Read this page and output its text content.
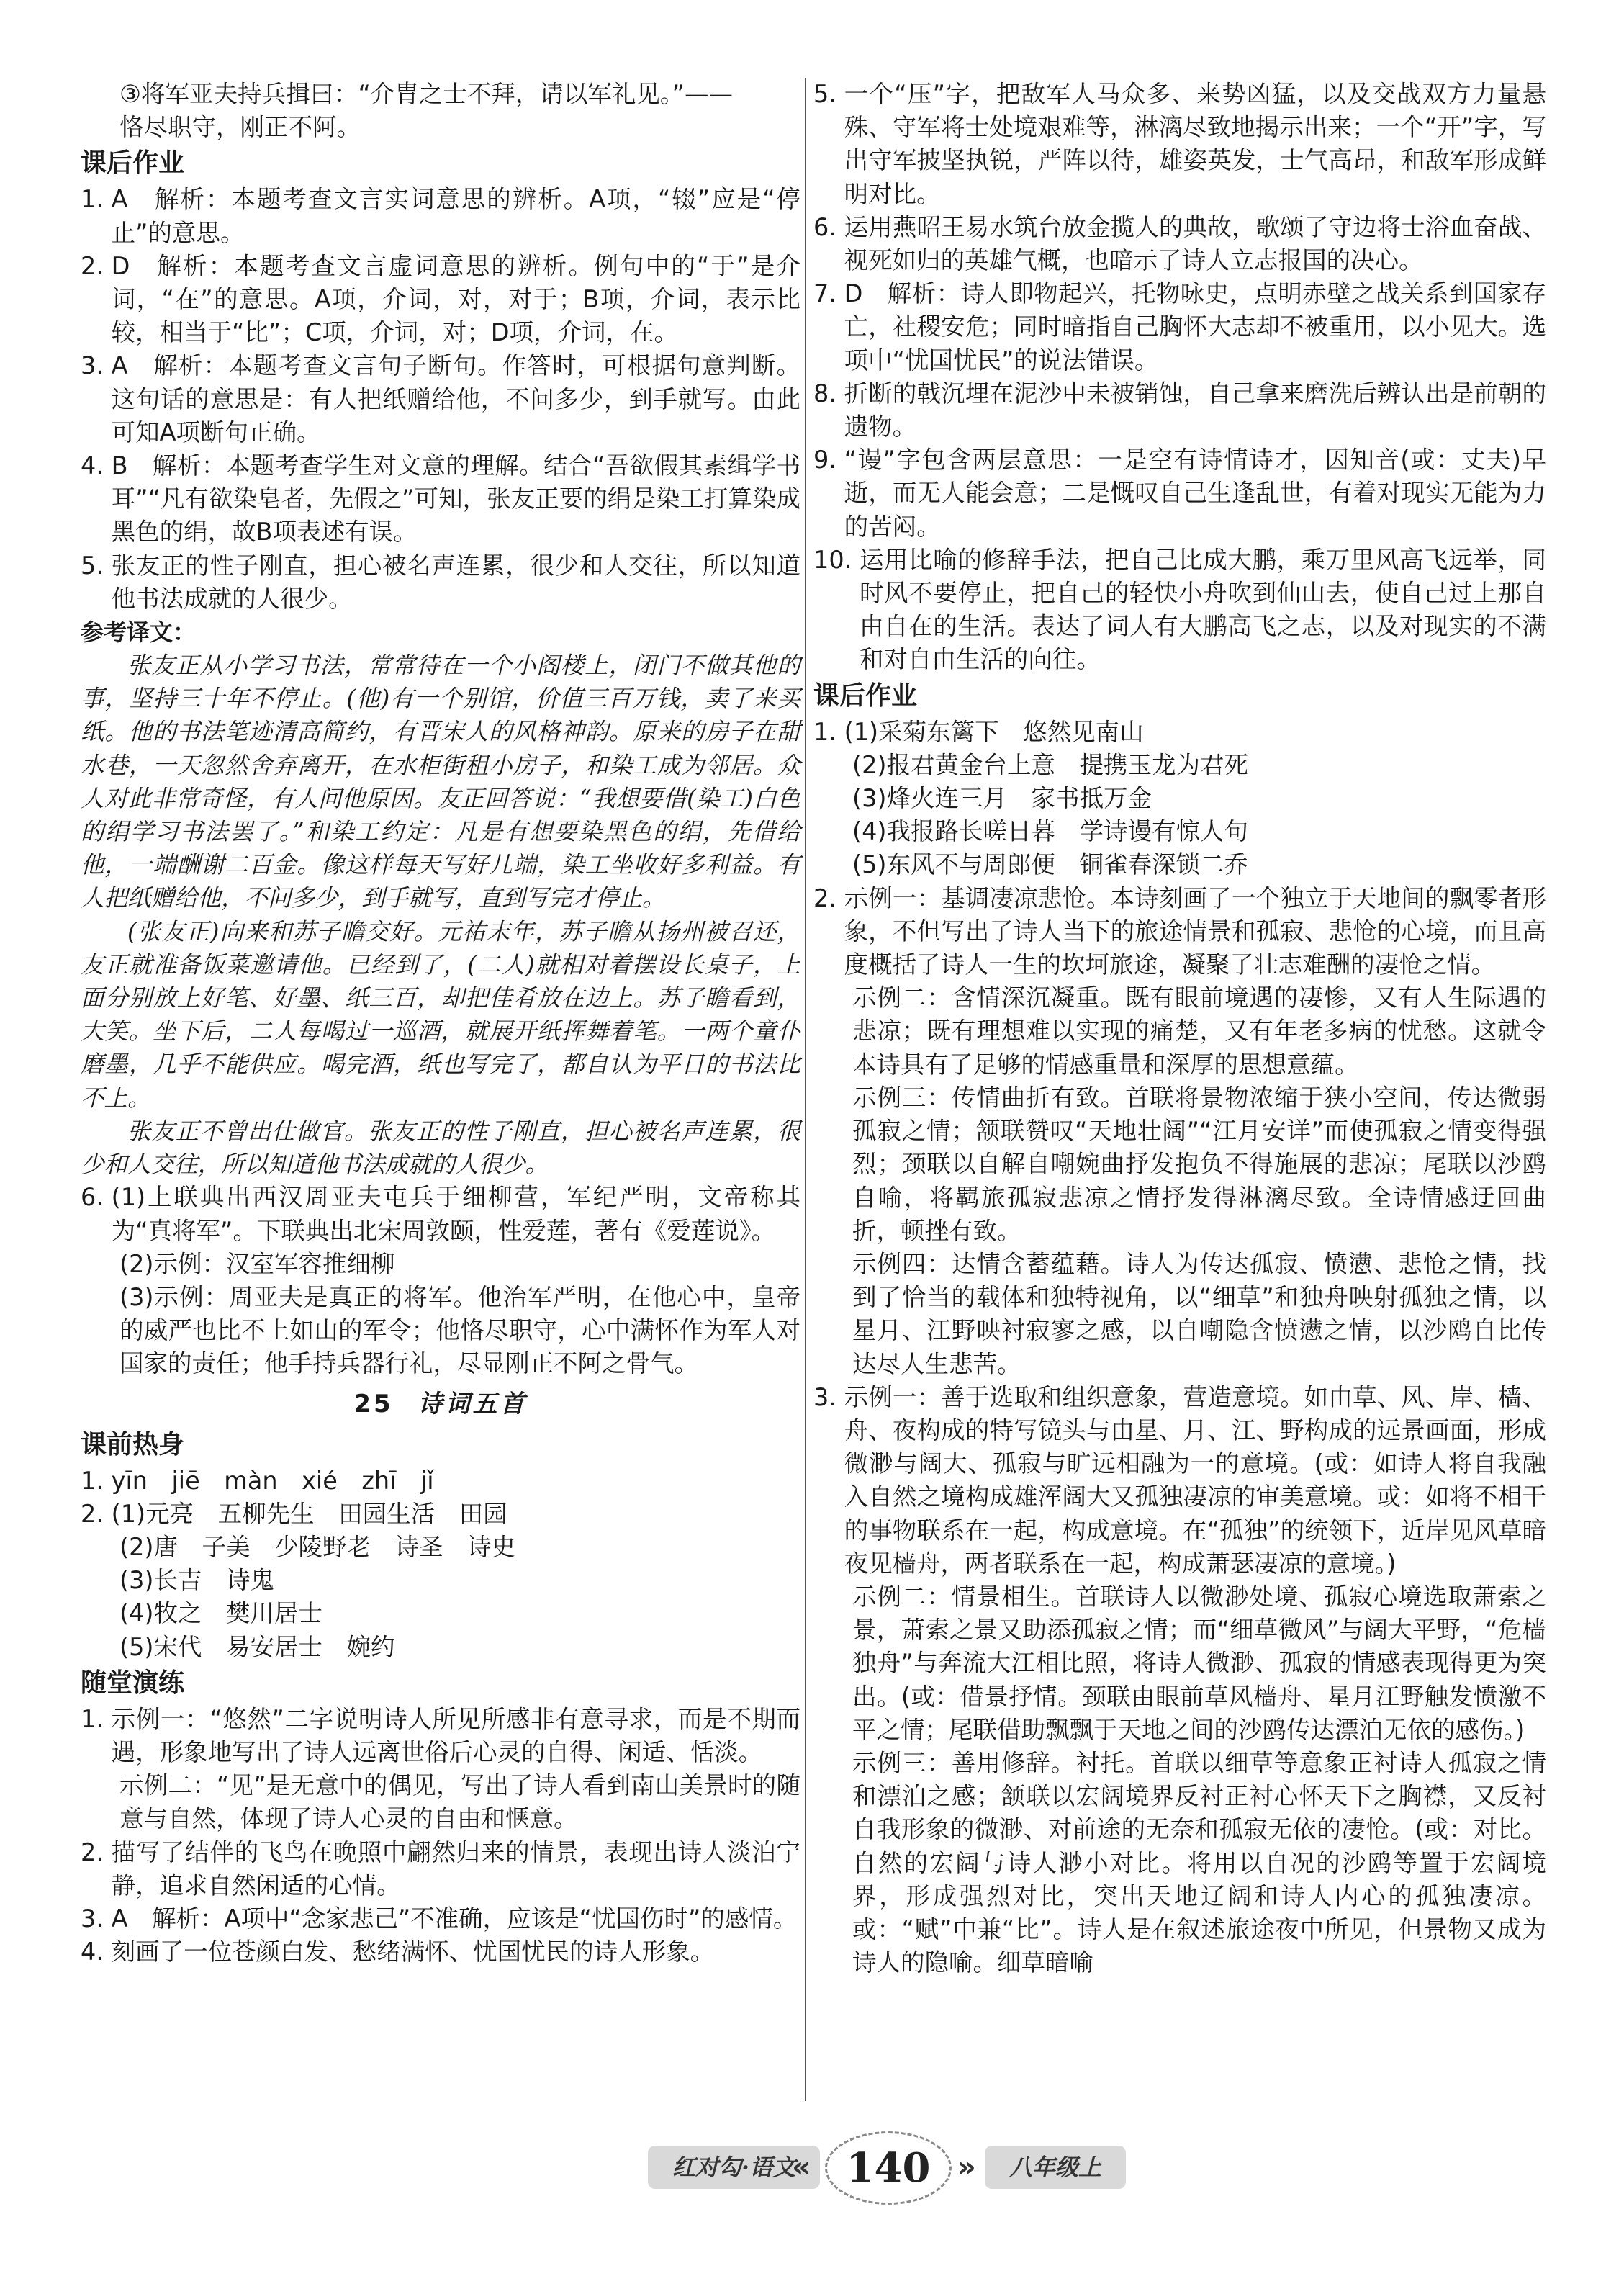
③将军亚夫持兵揖曰：“介胄之士不拜，请以军礼见。”——
恪尽职守，刚正不阿。
课后作业
1. A　解析：本题考查文言实词意思的辨析。A项，“辍”应是“停止”的意思。
2. D　解析：本题考查文言虚词意思的辨析。例句中的“于”是介词，“在”的意思。A项，介词，对，对于；B项，介词，表示比较，相当于“比”；C项，介词，对；D项，介词，在。
3. A　解析：本题考查文言句子断句。作答时，可根据句意判断。这句话的意思是：有人把纸赠给他，不问多少，到手就写。由此可知A项断句正确。
4. B　解析：本题考查学生对文意的理解。结合“吾欲假其素缉学书耳”“凡有欲染皂者，先假之”可知，张友正要的绢是染工打算染成黑色的绢，故B项表述有误。
5. 张友正的性子刚直，担心被名声连累，很少和人交往，所以知道他书法成就的人很少。
参考译文：

张友正从小学习书法，常常待在一个小阁楼上，闭门不做其他的事，坚持三十年不停止。(他)有一个别馆，价值三百万钱，卖了来买纸。他的书法笔迹清高简约，有晋宋人的风格神韵。原来的房子在甜水巷，一天忽然舍弃离开，在水柜街租小房子，和染工成为邻居。众人对此非常奇怪，有人问他原因。友正回答说：“我想要借(染工)白色的绢学习书法罢了。”和染工约定：凡是有想要染黑色的绢，先借给他，一端酬谢二百金。像这样每天写好几端，染工坐收好多利益。有人把纸赠给他，不问多少，到手就写，直到写完才停止。

(张友正)向来和苏子瞻交好。元祐末年，苏子瞻从扬州被召还，友正就准备饭菜邀请他。已经到了，(二人)就相对着摆设长桌子，上面分别放上好笔、好墨、纸三百，却把佳肴放在边上。苏子瞻看到，大笑。坐下后，二人每喝过一巡酒，就展开纸挥舞着笔。一两个童仆磨墨，几乎不能供应。喝完酒，纸也写完了，都自认为平日的书法比不上。

张友正不曾出仕做官。张友正的性子刚直，担心被名声连累，很少和人交往，所以知道他书法成就的人很少。

6. (1)上联典出西汉周亚夫屯兵于细柳营，军纪严明，文帝称其为“真将军”。下联典出北宋周敦颐，性爱莲，著有《爱莲说》。
(2)示例：汉室军容推细柳
(3)示例：周亚夫是真正的将军。他治军严明，在他心中，皇帝的威严也比不上如山的军令；他恪尽职守，心中满怀作为军人对国家的责任；他手持兵器行礼，尽显刚正不阿之骨气。
25 诗词五首
课前热身
1. yīn　jiē　màn　xié　zhī　jǐ
2. (1)元亮　五柳先生　田园生活　田园
(2)唐　子美　少陵野老　诗圣　诗史
(3)长吉　诗鬼
(4)牧之　樊川居士
(5)宋代　易安居士　婉约
随堂演练
1. 示例一：“悠然”二字说明诗人所见所感非有意寻求，而是不期而遇，形象地写出了诗人远离世俗后心灵的自得、闲适、恬淡。
示例二：“见”是无意中的偶见，写出了诗人看到南山美景时的随意与自然，体现了诗人心灵的自由和惬意。
2. 描写了结伴的飞鸟在晚照中翩然归来的情景，表现出诗人淡泊宁静，追求自然闲适的心情。
3. A　解析：A项中“念家悲己”不准确，应该是“忧国伤时”的感情。
4. 刻画了一位苍颜白发、愁绪满怀、忧国忧民的诗人形象。
5. 一个“压”字，把敌军人马众多、来势凶猛，以及交战双方力量悬殊、守军将士处境艰难等，淋漓尽致地揭示出来；一个“开”字，写出守军披坚执锐，严阵以待，雄姿英发，士气高昂，和敌军形成鲜明对比。
6. 运用燕昭王易水筑台放金揽人的典故，歌颂了守边将士浴血奋战、视死如归的英雄气概，也暗示了诗人立志报国的决心。
7. D　解析：诗人即物起兴，托物咏史，点明赤壁之战关系到国家存亡，社稷安危；同时暗指自己胸怀大志却不被重用，以小见大。选项中“忧国忧民”的说法错误。
8. 折断的戟沉埋在泥沙中未被销蚀，自己拿来磨洗后辨认出是前朝的遗物。
9. “谩”字包含两层意思：一是空有诗情诗才，因知音(或：丈夫)早逝，而无人能会意；二是慨叹自己生逢乱世，有着对现实无能为力的苦闷。
10. 运用比喻的修辞手法，把自己比成大鹏，乘万里风高飞远举，同时风不要停止，把自己的轻快小舟吹到仙山去，使自己过上那自由自在的生活。表达了词人有大鹏高飞之志，以及对现实的不满和对自由生活的向往。
课后作业
1. (1)采菊东篱下　悠然见南山
(2)报君黄金台上意　提携玉龙为君死
(3)烽火连三月　家书抵万金
(4)我报路长嗟日暮　学诗谩有惊人句
(5)东风不与周郎便　铜雀春深锁二乔
2. 示例一：基调凄凉悲怆。本诗刻画了一个独立于天地间的飘零者形象，不但写出了诗人当下的旅途情景和孤寂、悲怆的心境，而且高度概括了诗人一生的坎坷旅途，凝聚了壮志难酬的凄怆之情。
示例二：含情深沉凝重。既有眼前境遇的凄惨，又有人生际遇的悲凉；既有理想难以实现的痛楚，又有年老多病的忧愁。这就令本诗具有了足够的情感重量和深厚的思想意蕴。
示例三：传情曲折有致。首联将景物浓缩于狭小空间，传达微弱孤寂之情；颔联赞叹“天地壮阔”“江月安详”而使孤寂之情变得强烈；颈联以自解自嘲婉曲抒发抱负不得施展的悲凉；尾联以沙鸥自喻，将羁旅孤寂悲凉之情抒发得淋漓尽致。全诗情感迂回曲折，顿挫有致。
示例四：达情含蓄蕴藉。诗人为传达孤寂、愤懑、悲怆之情，找到了恰当的载体和独特视角，以“细草”和独舟映射孤独之情，以星月、江野映衬寂寥之感，以自嘲隐含愤懑之情，以沙鸥自比传达尽人生悲苦。
3. 示例一：善于选取和组织意象，营造意境。如由草、风、岸、樯、舟、夜构成的特写镜头与由星、月、江、野构成的远景画面，形成微渺与阔大、孤寂与旷远相融为一的意境。(或：如诗人将自我融入自然之境构成雄浑阔大又孤独凄凉的审美意境。或：如将不相干的事物联系在一起，构成意境。在“孤独”的统领下，近岸见风草暗夜见樯舟，两者联系在一起，构成萧瑟凄凉的意境。)
示例二：情景相生。首联诗人以微渺处境、孤寂心境选取萧索之景，萧索之景又助添孤寂之情；而“细草微风”与阔大平野，“危樯独舟”与奔流大江相比照，将诗人微渺、孤寂的情感表现得更为突出。(或：借景抒情。颈联由眼前草风樯舟、星月江野触发愤激不平之情；尾联借助飘飘于天地之间的沙鸥传达漂泊无依的感伤。)
示例三：善用修辞。衬托。首联以细草等意象正衬诗人孤寂之情和漂泊之感；颔联以宏阔境界反衬正衬心怀天下之胸襟，又反衬自我形象的微渺、对前途的无奈和孤寂无依的凄怆。(或：对比。自然的宏阔与诗人渺小对比。将用以自况的沙鸥等置于宏阔境界，形成强烈对比，突出天地辽阔和诗人内心的孤独凄凉。或：“赋”中兼“比”。诗人是在叙述旅途夜中所见，但景物又成为诗人的隐喻。细草暗喻
红对勾·语文
« 140 »	八年级上
